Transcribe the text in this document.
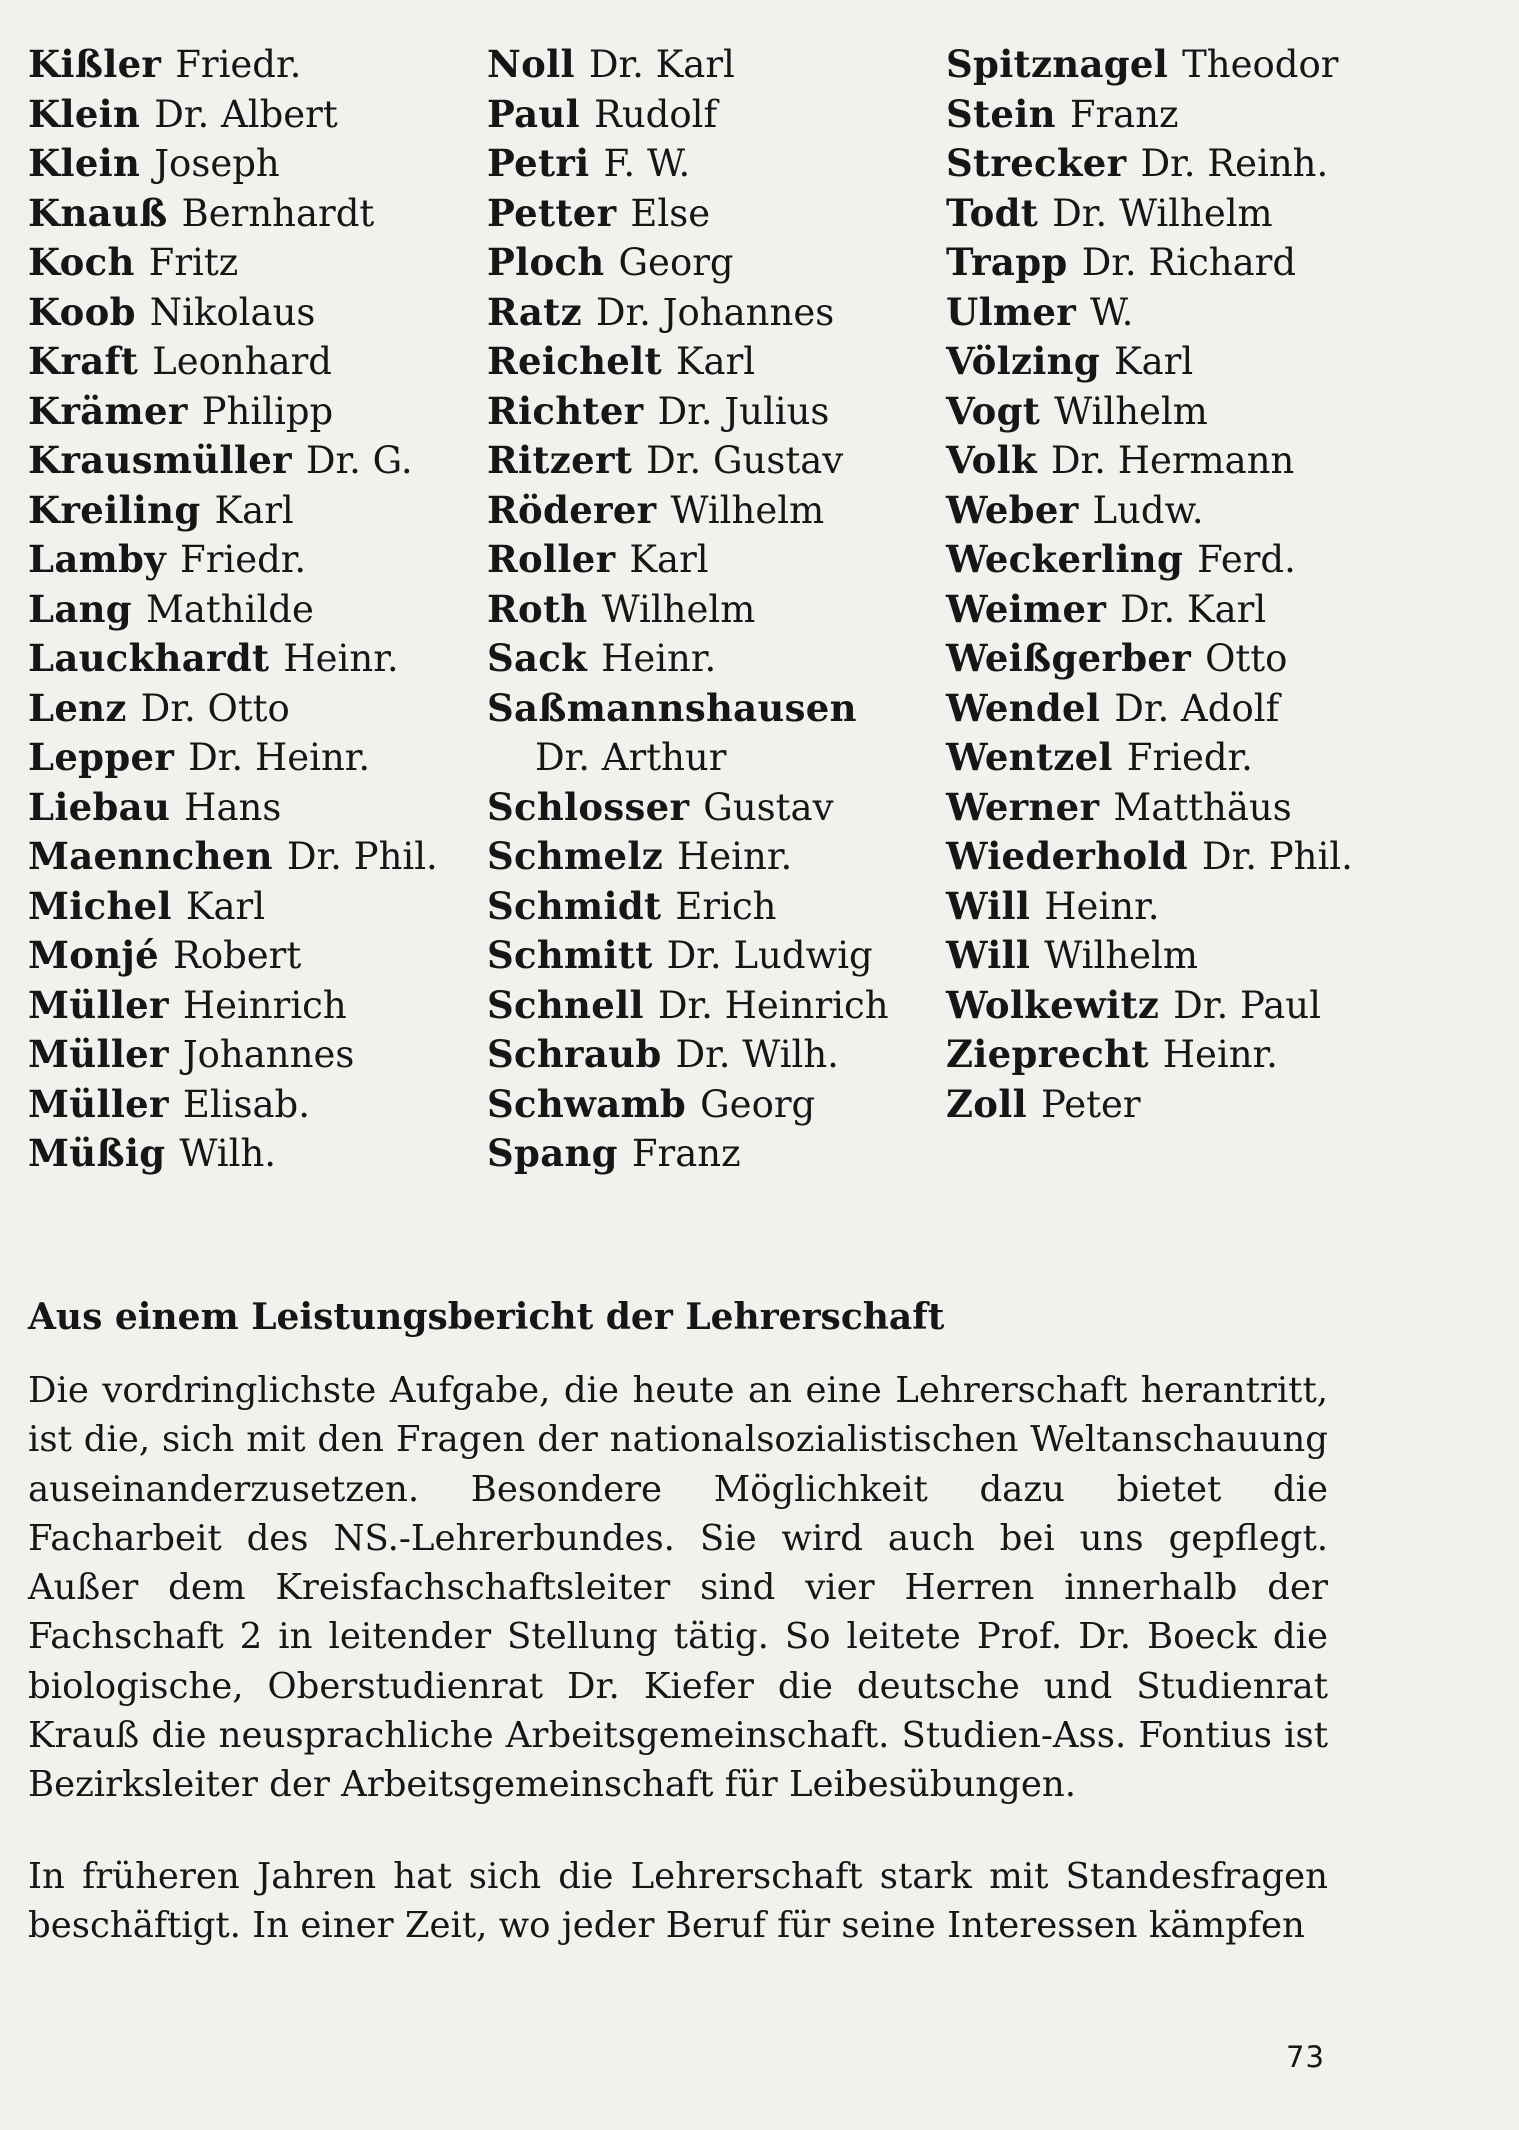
Kißler Friedr.
Klein Dr. Albert
Klein Joseph
Knauß Bernhardt
Koch Fritz
Koob Nikolaus
Kraft Leonhard
Krämer Philipp
Krausmüller Dr. G.
Kreiling Karl
Lamby Friedr.
Lang Mathilde
Lauckhardt Heinr.
Lenz Dr. Otto
Lepper Dr. Heinr.
Liebau Hans
Maennchen Dr. Phil.
Michel Karl
Monjé Robert
Müller Heinrich
Müller Johannes
Müller Elisab.
Müßig Wilh.
Noll Dr. Karl
Paul Rudolf
Petri F. W.
Petter Else
Ploch Georg
Ratz Dr. Johannes
Reichelt Karl
Richter Dr. Julius
Ritzert Dr. Gustav
Röderer Wilhelm
Roller Karl
Roth Wilhelm
Sack Heinr.
Saßmannshausen
Dr. Arthur
Schlosser Gustav
Schmelz Heinr.
Schmidt Erich
Schmitt Dr. Ludwig
Schnell Dr. Heinrich
Schraub Dr. Wilh.
Schwamb Georg
Spang Franz
Spitznagel Theodor
Stein Franz
Strecker Dr. Reinh.
Todt Dr. Wilhelm
Trapp Dr. Richard
Ulmer W.
Völzing Karl
Vogt Wilhelm
Volk Dr. Hermann
Weber Ludw.
Weckerling Ferd.
Weimer Dr. Karl
Weißgerber Otto
Wendel Dr. Adolf
Wentzel Friedr.
Werner Matthäus
Wiederhold Dr. Phil.
Will Heinr.
Will Wilhelm
Wolkewitz Dr. Paul
Zieprecht Heinr.
Zoll Peter
Aus einem Leistungsbericht der Lehrerschaft

Die vordringlichste Aufgabe, die heute an eine Lehrerschaft herantritt, ist die, sich mit den Fragen der nationalsozialistischen Weltanschauung auseinanderzusetzen. Besondere Möglichkeit dazu bietet die Facharbeit des NS.-Lehrerbundes. Sie wird auch bei uns gepflegt. Außer dem Kreisfachschaftsleiter sind vier Herren innerhalb der Fachschaft 2 in leitender Stellung tätig. So leitete Prof. Dr. Boeck die biologische, Oberstudienrat Dr. Kiefer die deutsche und Studienrat Krauß die neusprachliche Arbeitsgemeinschaft. Studien-Ass. Fontius ist Bezirksleiter der Arbeitsgemeinschaft für Leibesübungen.

In früheren Jahren hat sich die Lehrerschaft stark mit Standesfragen beschäftigt. In einer Zeit, wo jeder Beruf für seine Interessen kämpfen

73
